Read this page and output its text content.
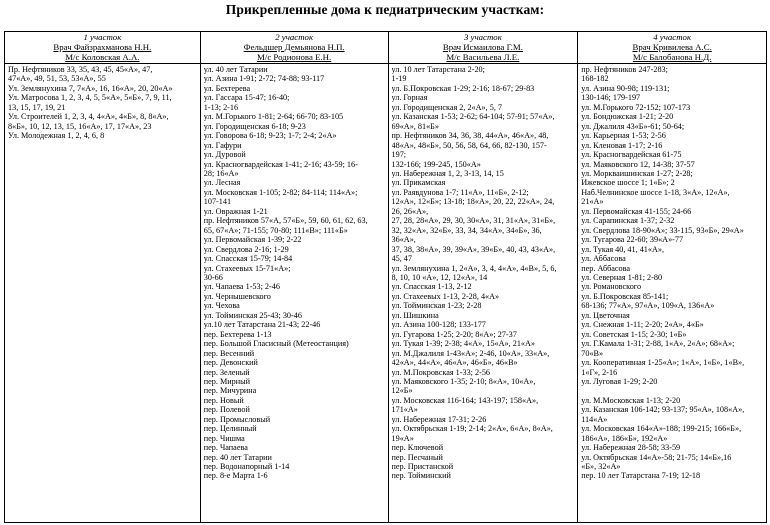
Прикрепленные дома к педиатрическим участкам:
1 участок
Врач Файзрахманова Н.Н.
М/с Коловская А.А.
Пр. Нефтяников 33, 35, 43, 45, 45«А», 47,
47«А», 49, 51, 53, 53«А», 55
Ул. Землянухина 7, 7«А», 16, 16«А», 20, 20«А»
Ул. Матросова 1, 2, 3, 4, 5, 5«А», 5«Б», 7, 9, 11,
13, 15, 17, 19, 21
Ул. Строителей 1, 2, 3, 4, 4«А», 4«Б», 8, 8«А»,
8«Б», 10, 12, 13, 15, 16«А», 17, 17«А», 23
Ул. Молодежная 1, 2, 4, 6, 8
2 участок
Фельдшер Демьянова Н.П.
М/с Родионова Е.Н.
ул. 40 лет Татарии
ул. Азина 1-91; 2-72; 74-88; 93-117
ул. Бехтерева
ул. Гассара 15-47; 16-40;
1-13; 2-16
ул. М.Горького 1-81; 2-64; 66-70; 83-105
ул. Городищенская 6-18; 9-23
ул. Говорова 6-18; 9-23; 1-7; 2-4; 2«А»
ул. Гафури
ул. Дуровой
ул. Красногвардейская 1-41; 2-16; 43-59; 16-
28; 16«А»
ул. Лесная
ул. Московская 1-105; 2-82; 84-114; 114«А»;
107-141
ул. Овражная 1-21
пр. Нефтяников 57«А, 57«Б», 59, 60, 61, 62, 63,
65, 67«А»; 71-155; 70-80; 111«В»; 111«Б»
ул. Первомайская 1-39; 2-22
ул. Свердлова 2-16; 1-29
ул. Спасская 15-79; 14-84
ул. Стахеевых 15-71«А»;
30-66
ул. Чапаева 1-53; 2-46
ул. Чернышевского
ул. Чехова
ул. Тойминская 25-43; 30-46
ул.10 лет Татарстана 21-43; 22-46
пер. Бехтерева 1-13
пер. Большой Гласисный (Метеостанция)
пер. Весенний
пер. Девонский
пер. Зеленый
пер. Мирный
пер. Мичурина
пер. Новый
пер. Полевой
пер. Промысловый
пер. Целинный
пер. Чишма
пер. Чапаева
пер. 40 лет Татарии
пер. Водонапорный 1-14
пер. 8-е Марта 1-6
3 участок
Врач Исмаилова Г.М.
М/с Васильева Л.Е.
ул. 10 лет Татарстана 2-20;
1-19
ул. Б.Покровская 1-29; 2-16; 18-67; 29-83
ул. Горная
ул. Городищенская 2, 2«А», 5, 7
ул. Казанская 1-53; 2-62; 64-104; 57-91; 57«А»,
69«А», 81«Б»
пр. Нефтяников 34, 36, 38, 44«А», 46«А», 48,
48«А», 48«Б», 50, 56, 58, 64, 66, 82-130, 157-
197;
132-166; 199-245, 150«А»
ул. Набережная 1, 2, 3-13, 14, 15
ул. Прикамская
ул. Раявдунова 1-7; 11«А», 11«Б», 2-12;
12«А», 12«Б»; 13-18; 18«А», 20, 22, 22«А», 24,
26, 26«А»,
27, 28, 28«А», 29, 30, 30«А», 31, 31«А», 31«Б»,
32, 32«А», 32«Б», 33, 34, 34«А», 34«Б», 36,
36«А»,
37, 38, 38«А», 39, 39«А», 39«Б», 40, 43, 43«А»,
45, 47
ул. Землянухина 1, 2«А», 3, 4, 4«А», 4«В», 5, 6,
8, 10, 10 «А», 12, 12«А», 14
ул. Спасская 1-13, 2-12
ул. Стахеевых 1-13, 2-28, 4«А»
ул. Тойминская 1-23; 2-28
ул. Шишкина
ул. Азина 100-128; 133-177
ул. Гугарова 1-25; 2-20; 8«А»; 27-37
ул. Тукая 1-39; 2-38; 4«А», 15«А», 21«А»
ул. М.Джалиля 1-43«А»; 2-46, 10«А», 33«А»,
42«А», 44«А», 46«А», 46«Б», 46«В»
ул. М.Покровская 1-33; 2-56
ул. Маяковского 1-35; 2-10; 8«А», 10«А»,
12«Б»
ул. Московская 116-164; 143-197; 158«А»,
171«А»
ул. Набережная 17-31; 2-26
ул. Октябрьская 1-19; 2-14; 2«А», 6«А», 8«А»,
19«А»
пер. Ключевой
пер. Песчаный
пер. Пристанской
пер. Тойминский
4 участок
Врач Кривилева А.С.
М/с Балобанова Н.Д.
пр. Нефтяников 247-283;
168-182
ул. Азина 90-98; 119-131;
130-146; 179-197
ул. М.Горького 72-152; 107-173
ул. Бондюжская 1-21; 2-20
ул. Джалиля 43«Б»-61; 50-64;
ул. Карьерная 1-53; 2-56
ул. Кленовая 1-17; 2-16
ул. Красногвардейская 61-75
ул. Маяковского 12, 14-38; 37-57
ул. Моркваишинская 1-27; 2-28;
Ижевское шоссе 1; 1«Б»; 2
Наб.Челнинское шоссе 1-18, 3«А», 12«А»,
21«А»
ул. Первомайская 41-155; 24-66
ул. Сарапинская 1-37; 2-32
ул. Свердлова 18-90«А»; 33-115, 93«Б», 29«А»
ул. Тугарова 22-60; 39«А»-77
ул. Тукая 40, 41, 41«А»,
ул. Аббасова
пер. Аббасова
ул. Северная 1-81; 2-80
ул. Романовского
ул. Б.Покровская 85-141;
68-136; 77«А», 97«А», 109«А, 136«А»
ул. Цветочная
ул. Снежная 1-11; 2-20; 2«А», 4«Б»
ул. Советская 1-15; 2-30; 1«Б»
ул. Г.Камала 1-31; 2-88, 1«А», 2«А»; 68«А»;
70«В»
ул. Кооперативная 1-25«А»; 1«А», 1«Б», 1«В»,
1«Г», 2-16
ул. Луговая 1-29; 2-20

ул. М.Московская 1-13; 2-20
ул. Казанская 106-142; 93-137; 95«А», 108«А»,
114«А»
ул. Московская 164«А»-188; 199-215; 166«Б»,
186«А», 186«Б», 192«А»
ул. Набережная 28-58; 33-59
ул. Октябрьская 14«А»-58; 21-75; 14«Б»,16
«Б», 32«А»
пер. 10 лет Татарстана 7-19; 12-18
